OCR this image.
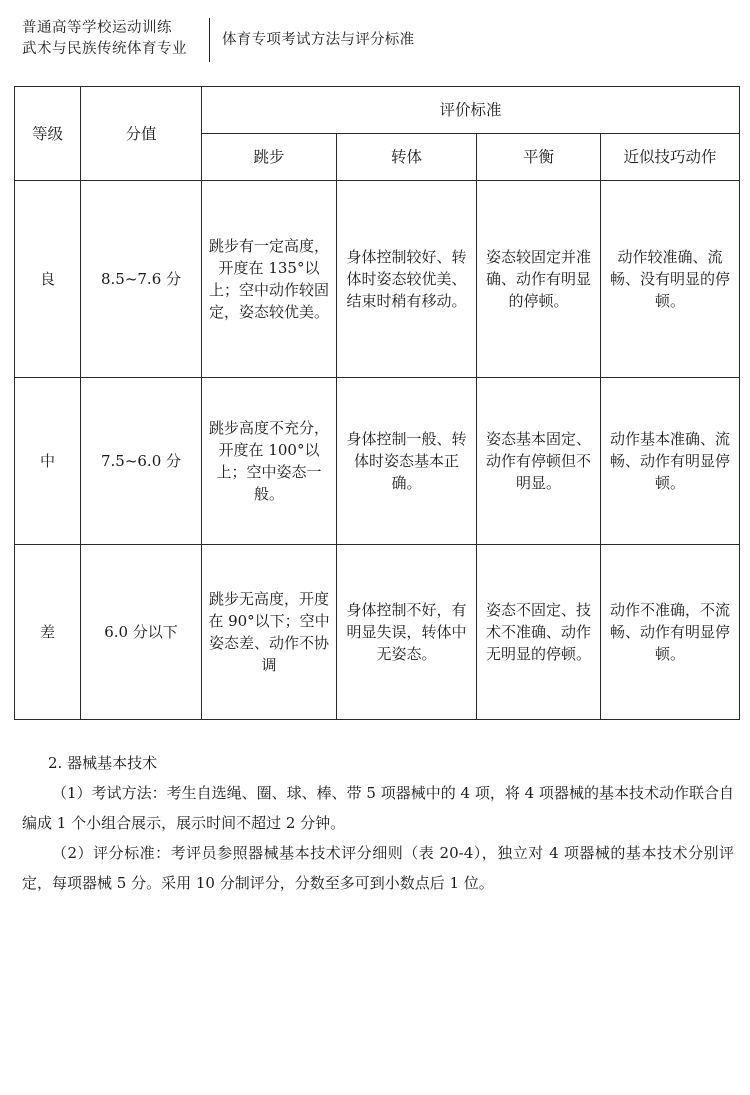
普通高等学校运动训练
武术与民族传统体育专业
体育专项考试方法与评分标准
等级	分值	评价标准			
		跳步	转体	平衡	近似技巧动作
良	8.5~7.6 分	跳步有一定高度，开度在 135°以上；空中动作较固定，姿态较优美。	身体控制较好、转体时姿态较优美、结束时稍有移动。	姿态较固定并准确、动作有明显的停顿。	动作较准确、流畅、没有明显的停顿。
中	7.5~6.0 分	跳步高度不充分，开度在 100°以上；空中姿态一般。	身体控制一般、转体时姿态基本正确。	姿态基本固定、动作有停顿但不明显。	动作基本准确、流畅、动作有明显停顿。
差	6.0 分以下	跳步无高度，开度在 90°以下；空中姿态差、动作不协调	身体控制不好，有明显失误，转体中无姿态。	姿态不固定、技术不准确、动作无明显的停顿。	动作不准确，不流畅、动作有明显停顿。

2. 器械基本技术

（1）考试方法：考生自选绳、圈、球、棒、带 5 项器械中的 4 项，将 4 项器械的基本技术动作联合自编成 1 个小组合展示，展示时间不超过 2 分钟。

（2）评分标准：考评员参照器械基本技术评分细则（表 20-4），独立对 4 项器械的基本技术分别评定，每项器械 5 分。采用 10 分制评分，分数至多可到小数点后 1 位。
